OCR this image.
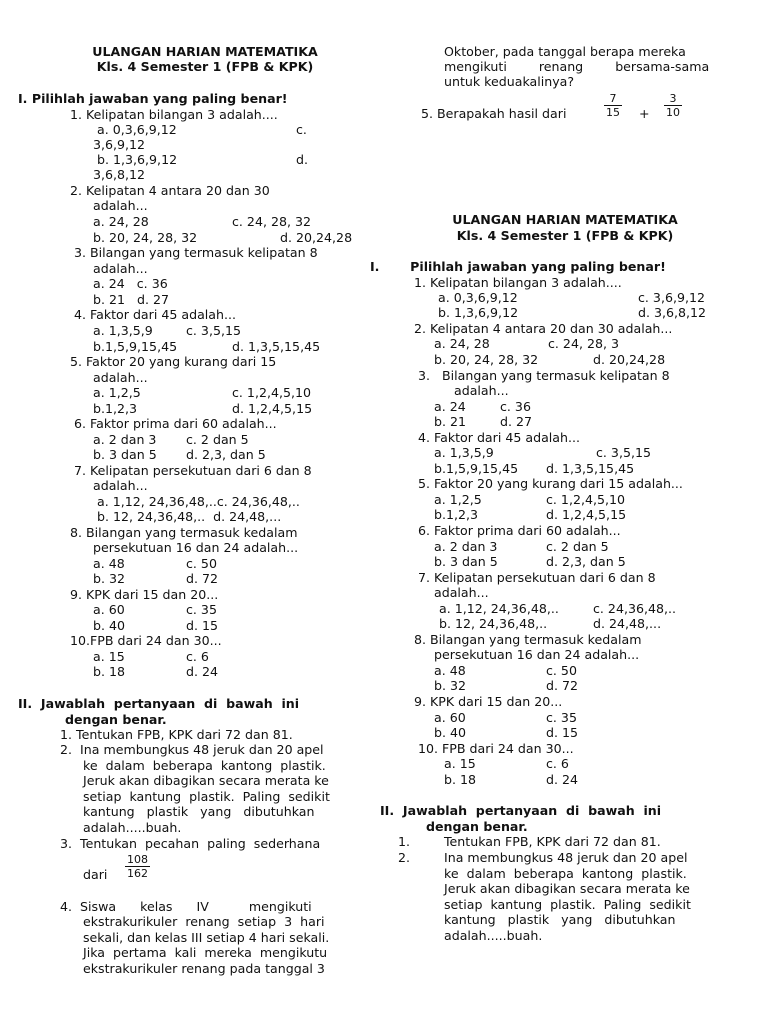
ULANGAN HARIAN MATEMATIKA
Kls. 4 Semester 1 (FPB & KPK)
I. Pilihlah jawaban yang paling benar!
1. Kelipatan bilangan 3 adalah....
a. 0,3,6,9,12	c.
3,6,9,12
b. 1,3,6,9,12	d.
3,6,8,12
2. Kelipatan 4 antara 20 dan 30
adalah...
a. 24, 28	c. 24, 28, 32
b. 20, 24, 28, 32	d. 20,24,28
3. Bilangan yang termasuk kelipatan 8
adalah...
a. 24   c. 36
b. 21   d. 27
4. Faktor dari 45 adalah...
a. 1,3,5,9	c. 3,5,15
b.1,5,9,15,45	d. 1,3,5,15,45
5. Faktor 20 yang kurang dari 15
adalah...
a. 1,2,5	c. 1,2,4,5,10
b.1,2,3	d. 1,2,4,5,15
6. Faktor prima dari 60 adalah...
a. 2 dan 3 c. 2 dan 5
b. 3 dan 5 d. 2,3, dan 5
7. Kelipatan persekutuan dari 6 dan 8
adalah...
a. 1,12, 24,36,48,..c. 24,36,48,..
b. 12, 24,36,48,..  d. 24,48,...
8. Bilangan yang termasuk kedalam
persekutuan 16 dan 24 adalah...
a. 48	c. 50
b. 32	d. 72
9. KPK dari 15 dan 20...
a. 60	c. 35
b. 40	d. 15
10.FPB dari 24 dan 30...
a. 15	c. 6
b. 18	d. 24
II.  Jawablah  pertanyaan  di  bawah  ini
dengan benar.
1. Tentukan FPB, KPK dari 72 dan 81.
2.  Ina membungkus 48 jeruk dan 20 apel
ke  dalam  beberapa  kantong  plastik.
Jeruk akan dibagikan secara merata ke
setiap  kantung  plastik.  Paling  sedikit
kantung   plastik   yang   dibutuhkan
adalah.....buah.
3.  Tentukan  pecahan  paling  sederhana
dari
108
162
4.  Siswa      kelas      IV          mengikuti
ekstrakurikuler  renang  setiap  3  hari
sekali, dan kelas III setiap 4 hari sekali.
Jika  pertama  kali  mereka  mengikutu
ekstrakurikuler renang pada tanggal 3
Oktober, pada tanggal berapa mereka
mengikuti        renang        bersama-sama
untuk keduakalinya?
5. Berapakah hasil dari
7
15 +
3
10
ULANGAN HARIAN MATEMATIKA
Kls. 4 Semester 1 (FPB & KPK)
I.       Pilihlah jawaban yang paling benar!
1. Kelipatan bilangan 3 adalah....
a. 0,3,6,9,12	c. 3,6,9,12
b. 1,3,6,9,12	d. 3,6,8,12
2. Kelipatan 4 antara 20 dan 30 adalah...
a. 24, 28	c. 24, 28, 3
b. 20, 24, 28, 32	d. 20,24,28
3.   Bilangan yang termasuk kelipatan 8
adalah...
a. 24	c. 36
b. 21	d. 27
4. Faktor dari 45 adalah...
a. 1,3,5,9	c. 3,5,15
b.1,5,9,15,45 d. 1,3,5,15,45
5. Faktor 20 yang kurang dari 15 adalah...
a. 1,2,5	c. 1,2,4,5,10
b.1,2,3	d. 1,2,4,5,15
6. Faktor prima dari 60 adalah...
a. 2 dan 3	c. 2 dan 5
b. 3 dan 5	d. 2,3, dan 5
7. Kelipatan persekutuan dari 6 dan 8
adalah...
a. 1,12, 24,36,48,..	c. 24,36,48,..
b. 12, 24,36,48,..	d. 24,48,...
8. Bilangan yang termasuk kedalam
persekutuan 16 dan 24 adalah...
a. 48	c. 50
b. 32	d. 72
9. KPK dari 15 dan 20...
a. 60	c. 35
b. 40	d. 15
10. FPB dari 24 dan 30...
a. 15	c. 6
b. 18	d. 24
II.  Jawablah  pertanyaan  di  bawah  ini
dengan benar.
1.	Tentukan FPB, KPK dari 72 dan 81.
2.	Ina membungkus 48 jeruk dan 20 apel
ke  dalam  beberapa  kantong  plastik.
Jeruk akan dibagikan secara merata ke
setiap  kantung  plastik.  Paling  sedikit
kantung   plastik   yang   dibutuhkan
adalah.....buah.
